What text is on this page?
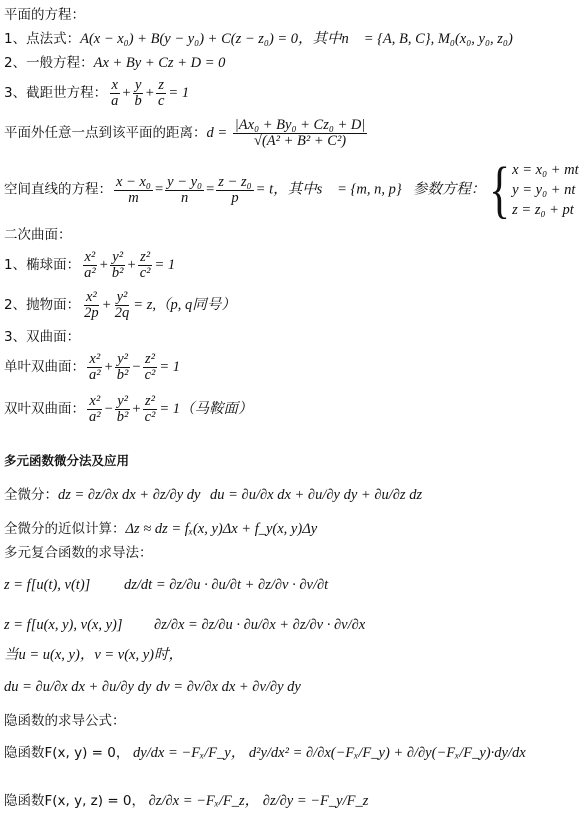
平面的方程：
1、点法式：A(x − x₀) + B(y − y₀) + C(z − z₀) = 0，其中n⃗ = {A, B, C}, M₀(x₀, y₀, z₀)
2、一般方程：Ax + By + Cz + D = 0
3、截距世方程： $\frac{x}{a} + \frac{y}{b} + \frac{z}{c} = 1$
平面外任意一点到该平面的距离：$d = \frac{\text{|Ax₀ + By₀ + Cz₀ + D|}}{\text{√(A² + B² + C²)}}$
空间直线的方程： $\frac{\text{x − x₀}}{m} = \frac{\text{y − y₀}}{n} = \frac{\text{z − z₀}}{p} = t$，其中s⃗ = {m, n, p}；参数方程： { x = x₀ + mt
y = y₀ + nt
z = z₀ + pt
二次曲面：
1、椭球面： $\frac{\text{x²}}{\text{a²}} + \frac{\text{y²}}{\text{b²}} + \frac{\text{z²}}{\text{c²}} = 1$
2、抛物面： $\frac{\text{x²}}{2p} + \frac{\text{y²}}{2q} = z,(p$, q同号）
3、双曲面：
单叶双曲面： $\frac{\text{x²}}{\text{a²}} + \frac{\text{y²}}{\text{b²}} - \frac{\text{z²}}{\text{c²}} = 1$
双叶双曲面： $\frac{\text{x²}}{\text{a²}} - \frac{\text{y²}}{\text{b²}} + \frac{\text{z²}}{\text{c²}} = 1$（马鞍面）
多元函数微分法及应用
全微分：dz = ∂z/∂x dx + ∂z/∂y dy du = ∂u/∂x dx + ∂u/∂y dy + ∂u/∂z dz
全微分的近似计算：Δz ≈ dz = fₓ(x, y)Δx + f_y(x, y)Δy
多元复合函数的求导法：
z = f[u(t), v(t)] dz/dt = ∂z/∂u · ∂u/∂t + ∂z/∂v · ∂v/∂t
z = f[u(x, y), v(x, y)] ∂z/∂x = ∂z/∂u · ∂u/∂x + ∂z/∂v · ∂v/∂x
当u = u(x, y)，v = v(x, y)时，
du = ∂u/∂x dx + ∂u/∂y dy dv = ∂v/∂x dx + ∂v/∂y dy
隐函数的求导公式：
隐函数F(x, y) = 0， dy/dx = −Fₓ/F_y， d²y/dx² = ∂/∂x(−Fₓ/F_y) + ∂/∂y(−Fₓ/F_y)·dy/dx
隐函数F(x, y, z) = 0， ∂z/∂x = −Fₓ/F_z， ∂z/∂y = −F_y/F_z
